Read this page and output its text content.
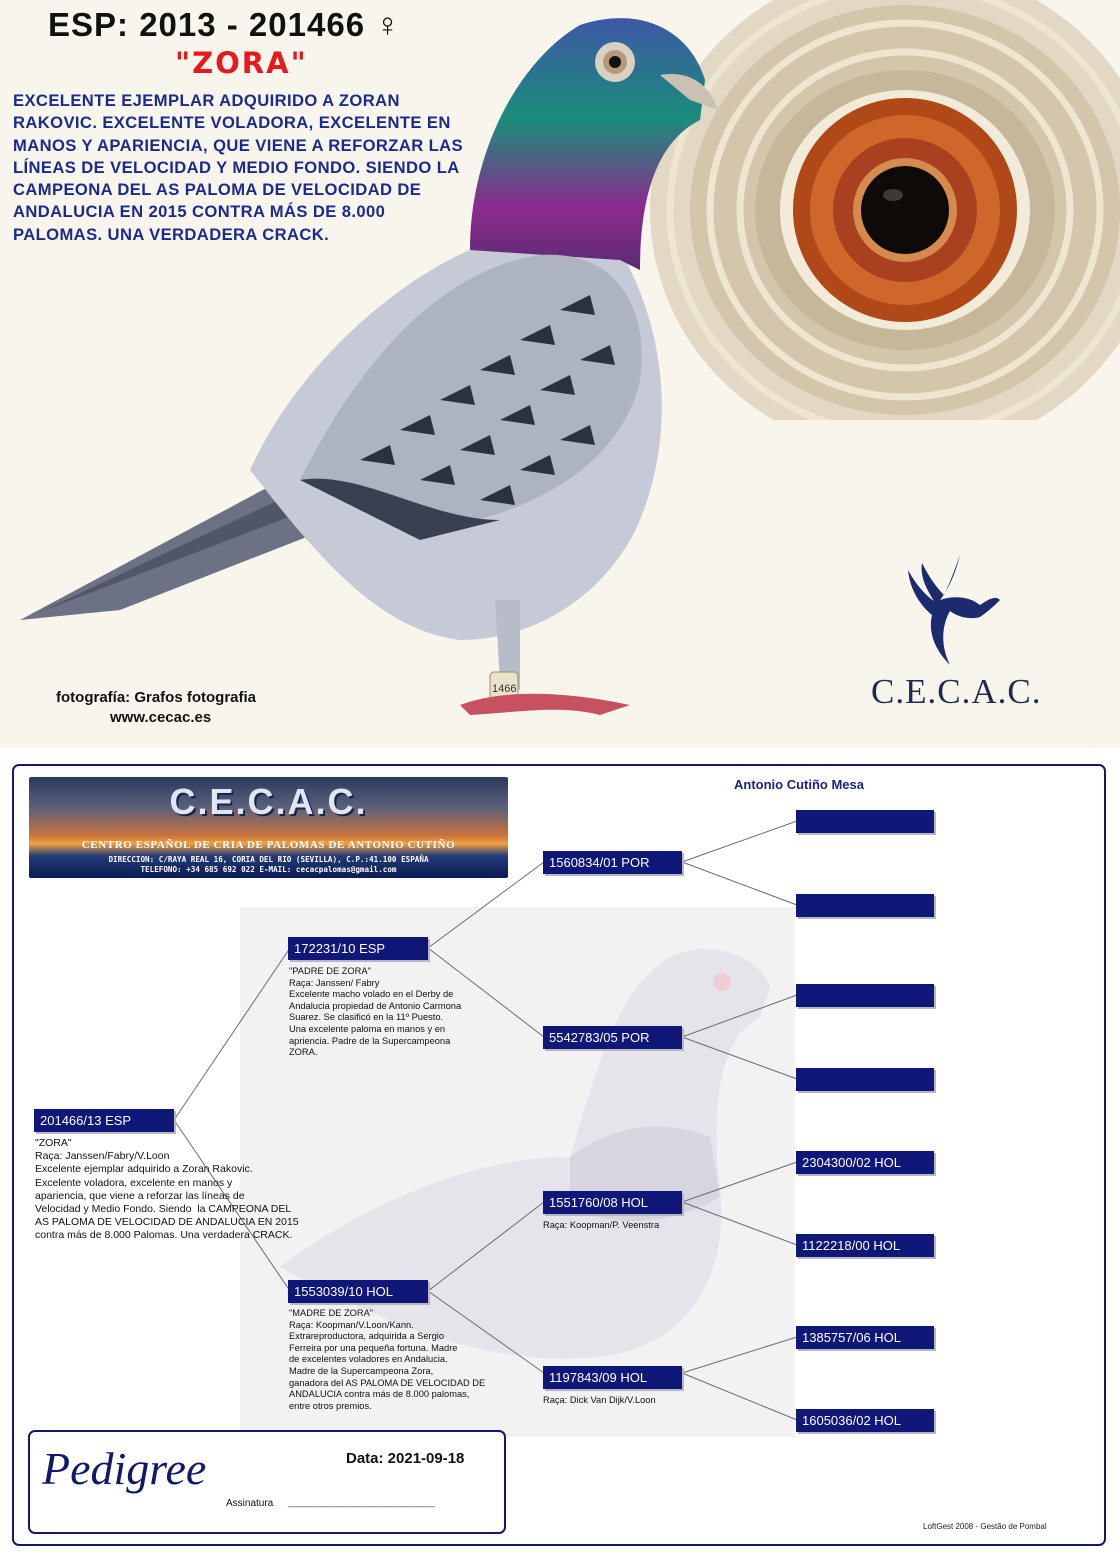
1466
ESP: 2013 - 201466 ♀
"ZORA"
EXCELENTE EJEMPLAR ADQUIRIDO A ZORAN RAKOVIC. EXCELENTE VOLADORA, EXCELENTE EN MANOS Y APARIENCIA, QUE VIENE A REFORZAR LAS LÍNEAS DE VELOCIDAD Y MEDIO FONDO. SIENDO LA CAMPEONA DEL AS PALOMA DE VELOCIDAD DE ANDALUCIA EN 2015 CONTRA MÁS DE 8.000 PALOMAS. UNA VERDADERA CRACK.
C.E.C.A.C.
fotografía: Grafos fotografia
www.cecac.es
C.E.C.A.C.
CENTRO ESPAÑOL DE CRIA DE PALOMAS DE ANTONIO CUTIÑO
DIRECCION: C/RAYA REAL 16, CORIA DEL RIO (SEVILLA), C.P.:41.100 ESPAÑA
TELEFONO: +34 685 692 022 E-MAIL: cecacpalomas@gmail.com
Antonio Cutiño Mesa
201466/13 ESP
"ZORA"
Raça: Janssen/Fabry/V.Loon
Excelente ejemplar adquirido a Zoran Rakovic.
Excelente voladora, excelente en manos y
apariencia, que viene a reforzar las líneas de
Velocidad y Medio Fondo. Siendo  la CAMPEONA DEL
AS PALOMA DE VELOCIDAD DE ANDALUCIA EN 2015
contra más de 8.000 Palomas. Una verdadera CRACK.
172231/10 ESP
"PADRE DE ZORA"
Raça: Janssen/ Fabry
Excelente macho volado en el Derby de
Andalucia propiedad de Antonio Carmona
Suarez. Se clasificó en la 11º Puesto.
Una excelente paloma en manos y en
apriencia. Padre de la Supercampeona
ZORA.
1553039/10 HOL
"MADRE DE ZORA"
Raça: Koopman/V.Loon/Kann.
Extrareproductora, adquirida a Sergio
Ferreira por una pequeña fortuna. Madre
de excelentes voladores en Andalucia.
Madre de la Supercampeona Zora,
ganadora del AS PALOMA DE VELOCIDAD DE
ANDALUCIA contra más de 8.000 palomas,
entre otros premios.
1560834/01 POR
5542783/05 POR
1551760/08 HOL
Raça: Koopman/P. Veenstra
1197843/09 HOL
Raça: Dick Van Dijk/V.Loon
2304300/02 HOL
1122218/00 HOL
1385757/06 HOL
1605036/02 HOL
Pedigree	Data: 2021-09-18
Assinatura ________________________________
LoftGest 2008 - Gestão de Pombal
